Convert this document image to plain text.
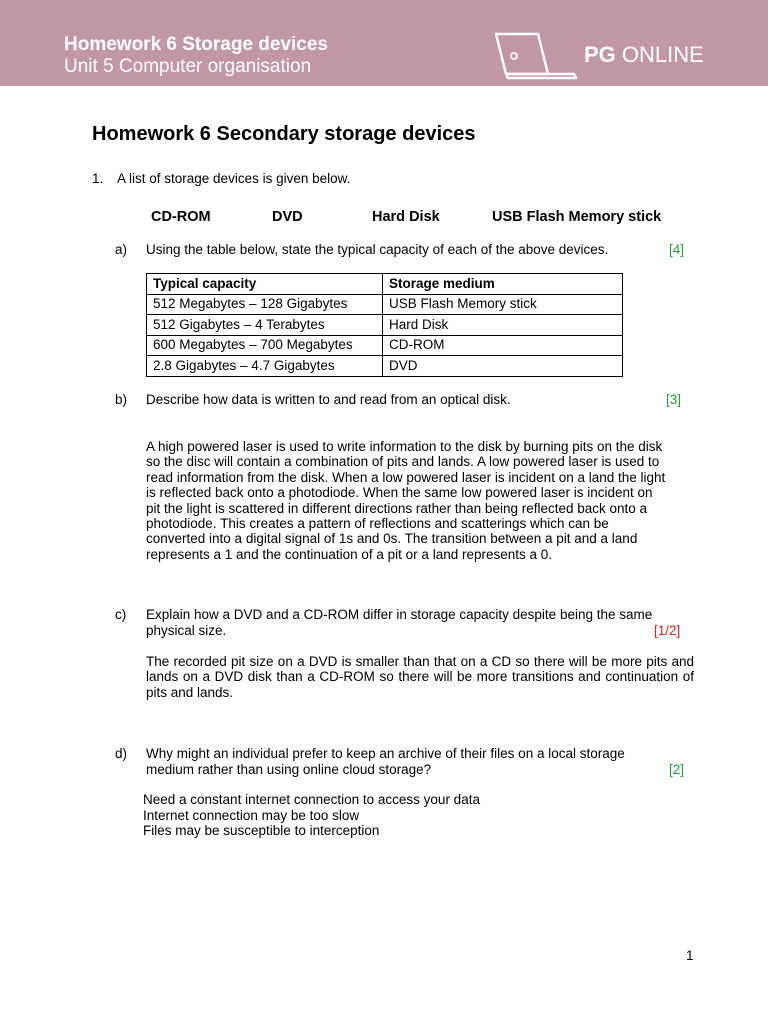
Homework 6 Storage devices
Unit 5 Computer organisation	PG ONLINE
Homework 6 Secondary storage devices
1. A list of storage devices is given below.
CD-ROM	DVD	Hard Disk	USB Flash Memory stick
a) Using the table below, state the typical capacity of each of the above devices.	[4]
Typical capacity	Storage medium
512 Megabytes – 128 Gigabytes	USB Flash Memory stick
512 Gigabytes – 4 Terabytes	Hard Disk
600 Megabytes – 700 Megabytes	CD-ROM
2.8 Gigabytes – 4.7 Gigabytes	DVD
b) Describe how data is written to and read from an optical disk.	[3]
A high powered laser is used to write information to the disk by burning pits on the disk
so the disc will contain a combination of pits and lands. A low powered laser is used to
read information from the disk. When a low powered laser is incident on a land the light
is reflected back onto a photodiode. When the same low powered laser is incident on
pit the light is scattered in different directions rather than being reflected back onto a
photodiode. This creates a pattern of reflections and scatterings which can be
converted into a digital signal of 1s and 0s. The transition between a pit and a land
represents a 1 and the continuation of a pit or a land represents a 0.
c) Explain how a DVD and a CD-ROM differ in storage capacity despite being the same
physical size.	[1/2]
The recorded pit size on a DVD is smaller than that on a CD so there will be more pits and lands on a DVD disk than a CD-ROM so there will be more transitions and continuation of pits and lands.
d) Why might an individual prefer to keep an archive of their files on a local storage
medium rather than using online cloud storage?	[2]
Need a constant internet connection to access your data
Internet connection may be too slow
Files may be susceptible to interception
1
